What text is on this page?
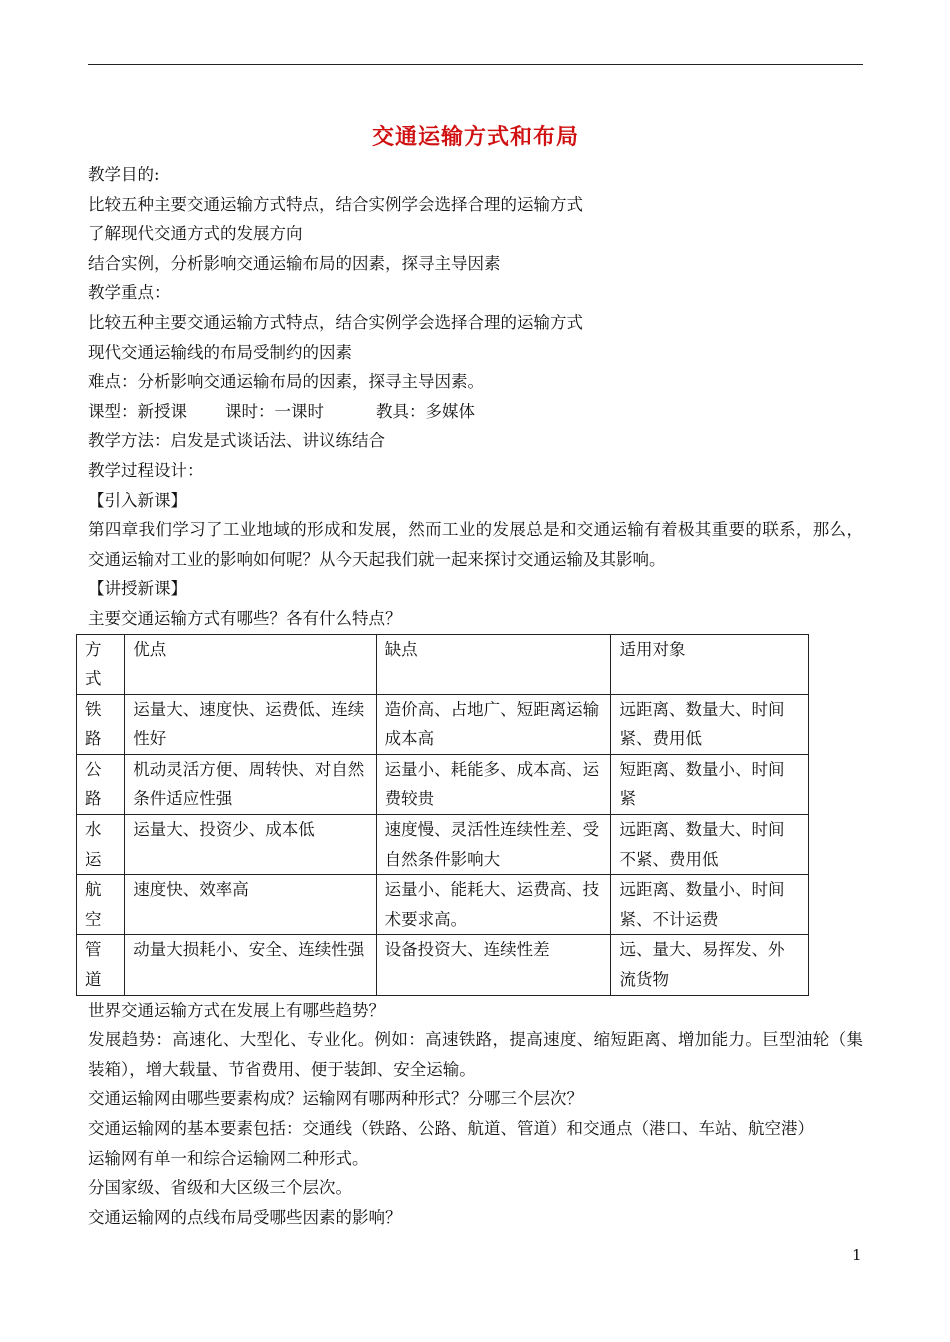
交通运输方式和布局

教学目的:

比较五种主要交通运输方式特点，结合实例学会选择合理的运输方式

了解现代交通方式的发展方向

结合实例，分析影响交通运输布局的因素，探寻主导因素

教学重点：

比较五种主要交通运输方式特点，结合实例学会选择合理的运输方式

现代交通运输线的布局受制约的因素

难点：分析影响交通运输布局的因素，探寻主导因素。

课型：新授课 课时：一课时	教具：多媒体

教学方法：启发是式谈话法、讲议练结合

教学过程设计：

【引入新课】

第四章我们学习了工业地域的形成和发展，然而工业的发展总是和交通运输有着极其重要的联系，那么，交通运输对工业的影响如何呢？从今天起我们就一起来探讨交通运输及其影响。

【讲授新课】

主要交通运输方式有哪些？各有什么特点？

方式	优点	缺点	适用对象
铁路	运量大、速度快、运费低、连续性好	造价高、占地广、短距离运输成本高	远距离、数量大、时间紧、费用低
公路	机动灵活方便、周转快、对自然条件适应性强	运量小、耗能多、成本高、运费较贵	短距离、数量小、时间紧
水运	运量大、投资少、成本低	速度慢、灵活性连续性差、受自然条件影响大	远距离、数量大、时间不紧、费用低
航空	速度快、效率高	运量小、能耗大、运费高、技术要求高。	远距离、数量小、时间紧、不计运费
管道	动量大损耗小、安全、连续性强	设备投资大、连续性差	远、量大、易挥发、外流货物

世界交通运输方式在发展上有哪些趋势？

发展趋势：高速化、大型化、专业化。例如：高速铁路，提高速度、缩短距离、增加能力。巨型油轮（集装箱），增大载量、节省费用、便于装卸、安全运输。

交通运输网由哪些要素构成？运输网有哪两种形式？分哪三个层次？

交通运输网的基本要素包括：交通线（铁路、公路、航道、管道）和交通点（港口、车站、航空港）

运输网有单一和综合运输网二种形式。

分国家级、省级和大区级三个层次。

交通运输网的点线布局受哪些因素的影响？

1
